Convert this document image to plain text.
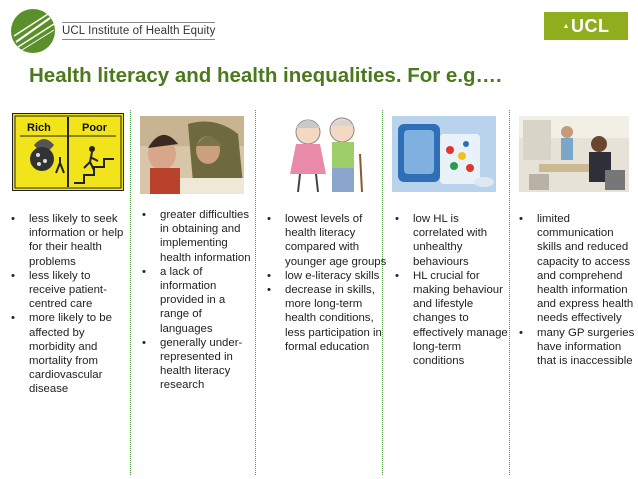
UCL Institute of Health Equity	▲ UCL
Health literacy and health inequalities. For e.g….
Rich	Poor
• less likely to seek information or help for their health problems
• less likely to receive patient-centred care
• more likely to be affected by morbidity and mortality from cardiovascular disease
• greater difficulties in obtaining and implementing health information
• a lack of information provided in a range of languages
• generally under-represented in health literacy research
• lowest levels of health literacy compared with younger age groups
• low e-literacy skills
• decrease in skills, more long-term health conditions, less participation in formal education
• low HL is correlated with unhealthy behaviours
• HL crucial for making behaviour and lifestyle changes to effectively manage long-term conditions
• limited communication skills and reduced capacity to access and comprehend health information and express health needs effectively
• many GP surgeries have information that is inaccessible
